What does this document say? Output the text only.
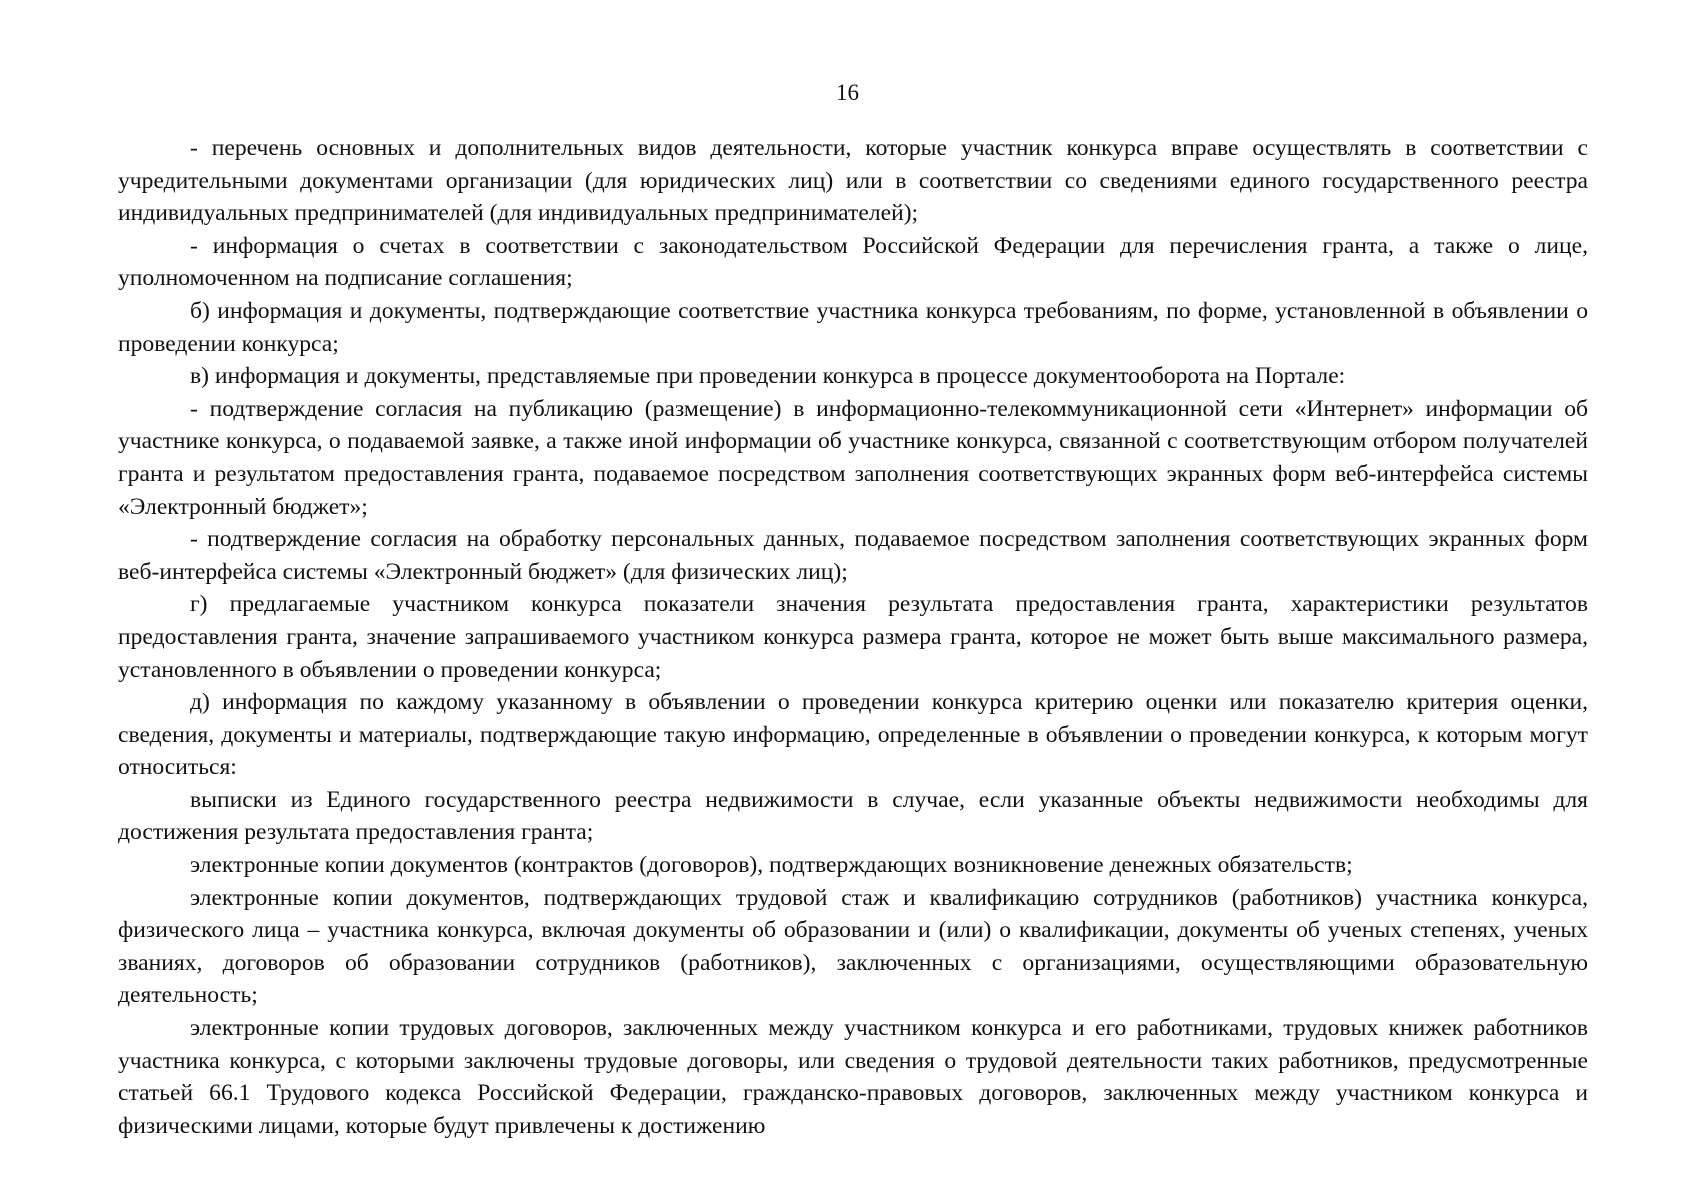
16

- перечень основных и дополнительных видов деятельности, которые участник конкурса вправе осуществлять в соответствии с учредительными документами организации (для юридических лиц) или в соответствии со сведениями единого государственного реестра индивидуальных предпринимателей (для индивидуальных предпринимателей);

- информация о счетах в соответствии с законодательством Российской Федерации для перечисления гранта, а также о лице, уполномоченном на подписание соглашения;

б) информация и документы, подтверждающие соответствие участника конкурса требованиям, по форме, установленной в объявлении о проведении конкурса;

в) информация и документы, представляемые при проведении конкурса в процессе документооборота на Портале:

- подтверждение согласия на публикацию (размещение) в информационно-телекоммуникационной сети «Интернет» информации об участнике конкурса, о подаваемой заявке, а также иной информации об участнике конкурса, связанной с соответствующим отбором получателей гранта и результатом предоставления гранта, подаваемое посредством заполнения соответствующих экранных форм веб-интерфейса системы «Электронный бюджет»;

- подтверждение согласия на обработку персональных данных, подаваемое посредством заполнения соответствующих экранных форм веб-интерфейса системы «Электронный бюджет» (для физических лиц);

г) предлагаемые участником конкурса показатели значения результата предоставления гранта, характеристики результатов предоставления гранта, значение запрашиваемого участником конкурса размера гранта, которое не может быть выше максимального размера, установленного в объявлении о проведении конкурса;

д) информация по каждому указанному в объявлении о проведении конкурса критерию оценки или показателю критерия оценки, сведения, документы и материалы, подтверждающие такую информацию, определенные в объявлении о проведении конкурса, к которым могут относиться:

выписки из Единого государственного реестра недвижимости в случае, если указанные объекты недвижимости необходимы для достижения результата предоставления гранта;

электронные копии документов (контрактов (договоров), подтверждающих возникновение денежных обязательств;

электронные копии документов, подтверждающих трудовой стаж и квалификацию сотрудников (работников) участника конкурса, физического лица – участника конкурса, включая документы об образовании и (или) о квалификации, документы об ученых степенях, ученых званиях, договоров об образовании сотрудников (работников), заключенных с организациями, осуществляющими образовательную деятельность;

электронные копии трудовых договоров, заключенных между участником конкурса и его работниками, трудовых книжек работников участника конкурса, с которыми заключены трудовые договоры, или сведения о трудовой деятельности таких работников, предусмотренные статьей 66.1 Трудового кодекса Российской Федерации, гражданско-правовых договоров, заключенных между участником конкурса и физическими лицами, которые будут привлечены к достижению
